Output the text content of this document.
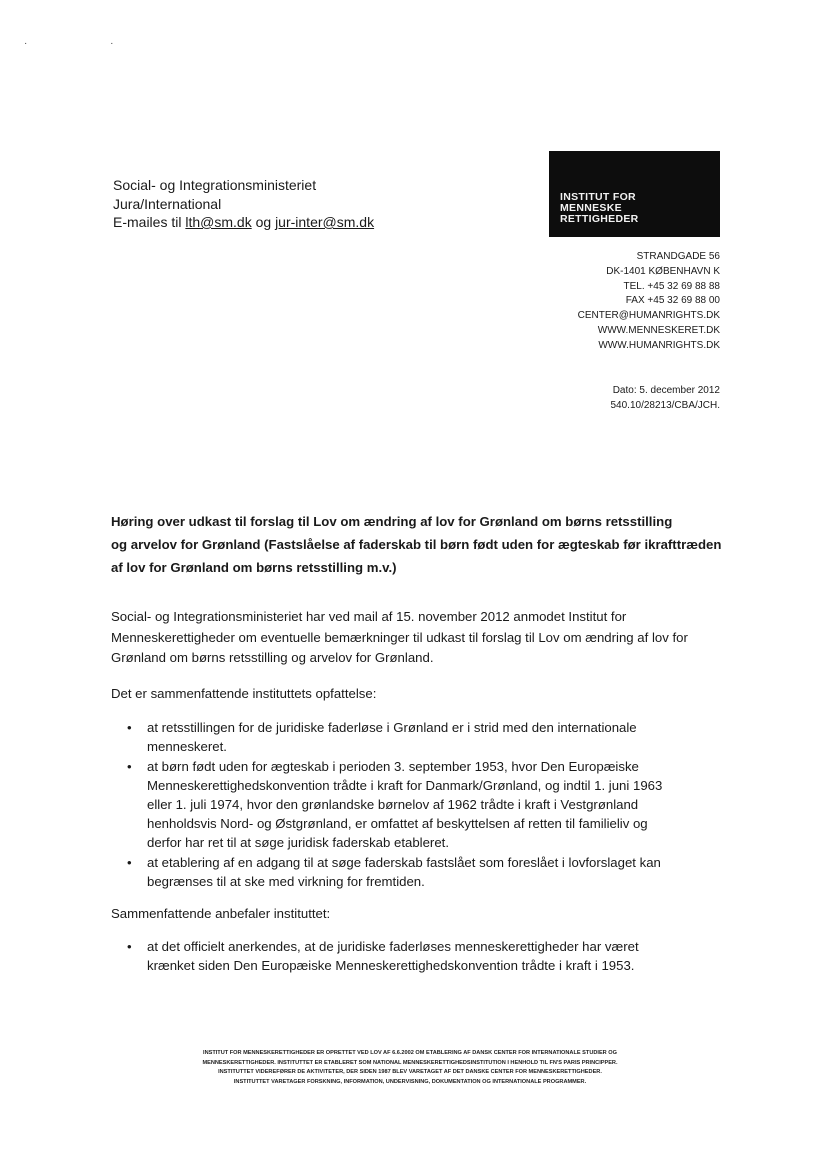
· ·
Social- og Integrationsministeriet
Jura/International
E-mailes til lth@sm.dk og jur-inter@sm.dk
INSTITUT FOR
MENNESKE
RETTIGHEDER
STRANDGADE 56
DK-1401 KØBENHAVN K
TEL. +45 32 69 88 88
FAX +45 32 69 88 00
CENTER@HUMANRIGHTS.DK
WWW.MENNESKERET.DK
WWW.HUMANRIGHTS.DK
Dato: 5. december 2012
540.10/28213/CBA/JCH.
Høring over udkast til forslag til Lov om ændring af lov for Grønland om børns retsstilling
og arvelov for Grønland (Fastslåelse af faderskab til børn født uden for ægteskab før ikrafttræden
af lov for Grønland om børns retsstilling m.v.)
Social- og Integrationsministeriet har ved mail af 15. november 2012 anmodet Institut for
Menneskerettigheder om eventuelle bemærkninger til udkast til forslag til Lov om ændring af lov for
Grønland om børns retsstilling og arvelov for Grønland.
Det er sammenfattende instituttets opfattelse:
• at retsstillingen for de juridiske faderløse i Grønland er i strid med den internationale
menneskeret.
• at børn født uden for ægteskab i perioden 3. september 1953, hvor Den Europæiske
Menneskerettighedskonvention trådte i kraft for Danmark/Grønland, og indtil 1. juni 1963
eller 1. juli 1974, hvor den grønlandske børnelov af 1962 trådte i kraft i Vestgrønland
henholdsvis Nord- og Østgrønland, er omfattet af beskyttelsen af retten til familieliv og
derfor har ret til at søge juridisk faderskab etableret.
• at etablering af en adgang til at søge faderskab fastslået som foreslået i lovforslaget kan
begrænses til at ske med virkning for fremtiden.
Sammenfattende anbefaler instituttet:
• at det officielt anerkendes, at de juridiske faderløses menneskerettigheder har været
krænket siden Den Europæiske Menneskerettighedskonvention trådte i kraft i 1953.
INSTITUT FOR MENNESKERETTIGHEDER ER OPRETTET VED LOV AF 6.6.2002 OM ETABLERING AF DANSK CENTER FOR INTERNATIONALE STUDIER OG
MENNESKERETTIGHEDER. INSTITUTTET ER ETABLERET SOM NATIONAL MENNESKERETTIGHEDSINSTITUTION I HENHOLD TIL FN'S PARIS PRINCIPPER.
INSTITUTTET VIDEREFØRER DE AKTIVITETER, DER SIDEN 1987 BLEV VARETAGET AF DET DANSKE CENTER FOR MENNESKERETTIGHEDER.
INSTITUTTET VARETAGER FORSKNING, INFORMATION, UNDERVISNING, DOKUMENTATION OG INTERNATIONALE PROGRAMMER.
